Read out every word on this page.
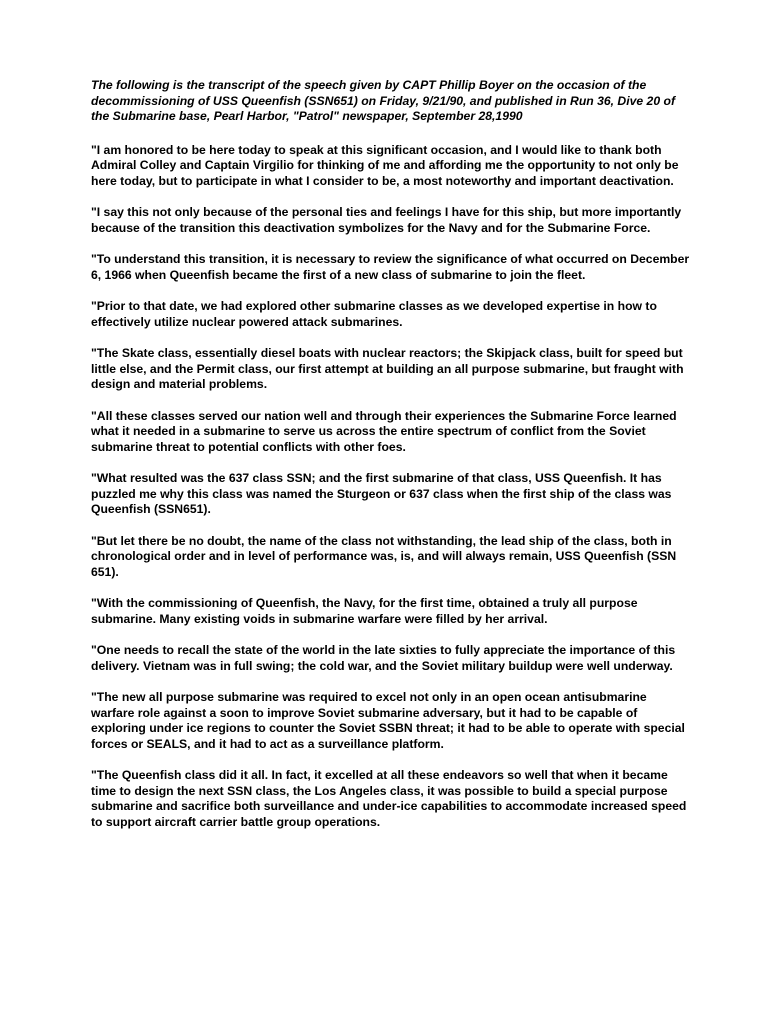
The following is the transcript of the speech given by CAPT Phillip Boyer on the occasion of the decommissioning of USS Queenfish (SSN651) on Friday, 9/21/90, and published in Run 36, Dive 20 of the Submarine base, Pearl Harbor, "Patrol" newspaper, September 28,1990

"I am honored to be here today to speak at this significant occasion, and I would like to thank both Admiral Colley and Captain Virgilio for thinking of me and affording me the opportunity to not only be here today, but to participate in what I consider to be, a most noteworthy and important deactivation.

"I say this not only because of the personal ties and feelings I have for this ship, but more importantly because of the transition this deactivation symbolizes for the Navy and for the Submarine Force.

"To understand this transition, it is necessary to review the significance of what occurred on December 6, 1966 when Queenfish became the first of a new class of submarine to join the fleet.

"Prior to that date, we had explored other submarine classes as we developed expertise in how to effectively utilize nuclear powered attack submarines.

"The Skate class, essentially diesel boats with nuclear reactors; the Skipjack class, built for speed but little else, and the Permit class, our first attempt at building an all purpose submarine, but fraught with design and material problems.

"All these classes served our nation well and through their experiences the Submarine Force learned what it needed in a submarine to serve us across the entire spectrum of conflict from the Soviet submarine threat to potential conflicts with other foes.

"What resulted was the 637 class SSN; and the first submarine of that class, USS Queenfish. It has puzzled me why this class was named the Sturgeon or 637 class when the first ship of the class was Queenfish (SSN651).

"But let there be no doubt, the name of the class not withstanding, the lead ship of the class, both in chronological order and in level of performance was, is, and will always remain, USS Queenfish (SSN 651).

"With the commissioning of Queenfish, the Navy, for the first time, obtained a truly all purpose submarine. Many existing voids in submarine warfare were filled by her arrival.

"One needs to recall the state of the world in the late sixties to fully appreciate the importance of this delivery. Vietnam was in full swing; the cold war, and the Soviet military buildup were well underway.

"The new all purpose submarine was required to excel not only in an open ocean antisubmarine warfare role against a soon to improve Soviet submarine adversary, but it had to be capable of exploring under ice regions to counter the Soviet SSBN threat; it had to be able to operate with special forces or SEALS, and it had to act as a surveillance platform.

"The Queenfish class did it all. In fact, it excelled at all these endeavors so well that when it became time to design the next SSN class, the Los Angeles class, it was possible to build a special purpose submarine and sacrifice both surveillance and under-ice capabilities to accommodate increased speed to support aircraft carrier battle group operations.
